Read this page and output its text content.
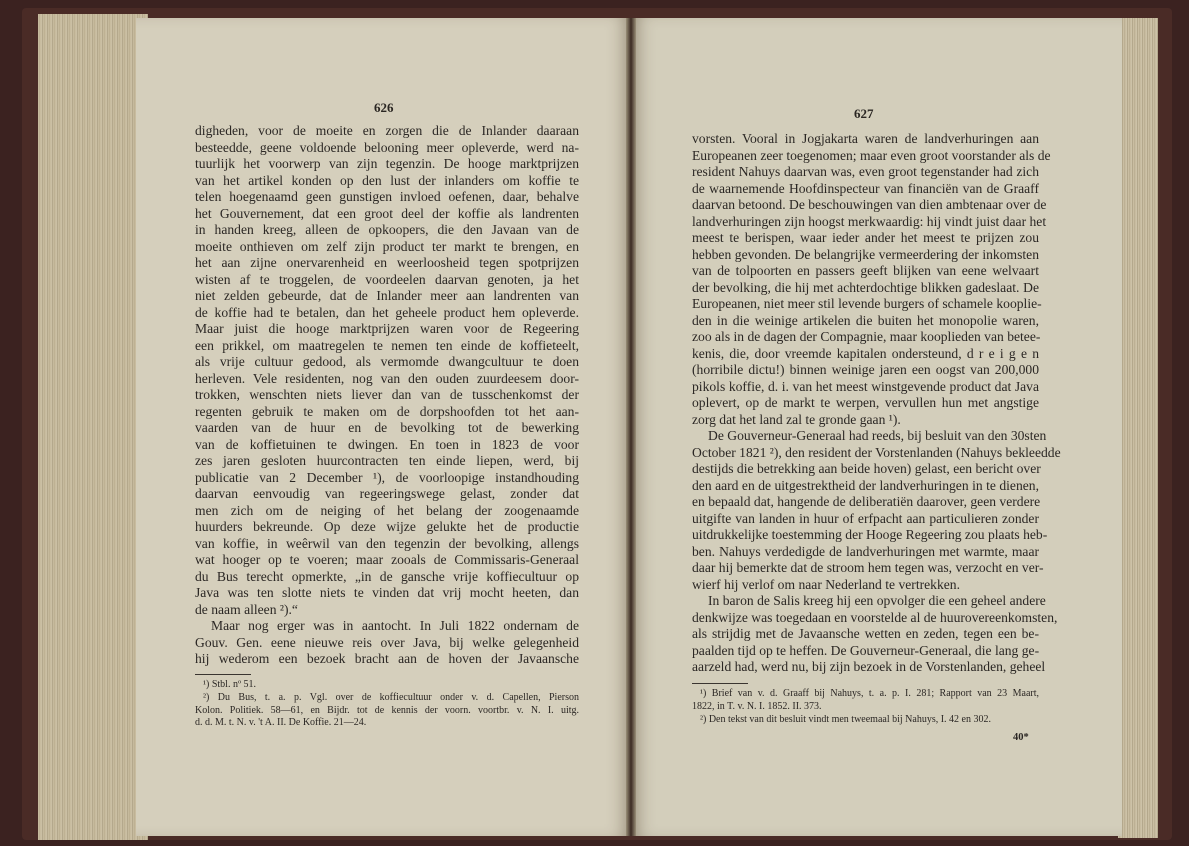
626	627
digheden, voor de moeite en zorgen die de Inlander daaraan
besteedde, geene voldoende belooning meer opleverde, werd na-
tuurlijk het voorwerp van zijn tegenzin. De hooge marktprijzen
van het artikel konden op den lust der inlanders om koffie te
telen hoegenaamd geen gunstigen invloed oefenen, daar, behalve
het Gouvernement, dat een groot deel der koffie als landrenten
in handen kreeg, alleen de opkoopers, die den Javaan van de
moeite onthieven om zelf zijn product ter markt te brengen, en
het aan zijne onervarenheid en weerloosheid tegen spotprijzen
wisten af te troggelen, de voordeelen daarvan genoten, ja het
niet zelden gebeurde, dat de Inlander meer aan landrenten van
de koffie had te betalen, dan het geheele product hem opleverde.
Maar juist die hooge marktprijzen waren voor de Regeering
een prikkel, om maatregelen te nemen ten einde de koffieteelt,
als vrije cultuur gedood, als vermomde dwangcultuur te doen
herleven. Vele residenten, nog van den ouden zuurdeesem door-
trokken, wenschten niets liever dan van de tusschenkomst der
regenten gebruik te maken om de dorpshoofden tot het aan-
vaarden van de huur en de bevolking tot de bewerking
van de koffietuinen te dwingen. En toen in 1823 de voor
zes jaren gesloten huurcontracten ten einde liepen, werd, bij
publicatie van 2 December ¹), de voorloopige instandhouding
daarvan eenvoudig van regeeringswege gelast, zonder dat
men zich om de neiging of het belang der zoogenaamde
huurders bekreunde. Op deze wijze gelukte het de productie
van koffie, in weêrwil van den tegenzin der bevolking, allengs
wat hooger op te voeren; maar zooals de Commissaris-Generaal
du Bus terecht opmerkte, „in de gansche vrije koffiecultuur op
Java was ten slotte niets te vinden dat vrij mocht heeten, dan
de naam alleen ²).“
Maar nog erger was in aantocht. In Juli 1822 ondernam de
Gouv. Gen. eene nieuwe reis over Java, bij welke gelegenheid
hij wederom een bezoek bracht aan de hoven der Javaansche
¹) Stbl. nº 51.
²) Du Bus, t. a. p. Vgl. over de koffiecultuur onder v. d. Capellen, Pierson
Kolon. Politiek. 58—61, en Bijdr. tot de kennis der voorn. voortbr. v. N. I. uitg.
d. d. M. t. N. v. 't A. II. De Koffie. 21—24.
vorsten. Vooral in Jogjakarta waren de landverhuringen aan
Europeanen zeer toegenomen; maar even groot voorstander als de
resident Nahuys daarvan was, even groot tegenstander had zich
de waarnemende Hoofdinspecteur van financiën van de Graaff
daarvan betoond. De beschouwingen van dien ambtenaar over de
landverhuringen zijn hoogst merkwaardig: hij vindt juist daar het
meest te berispen, waar ieder ander het meest te prijzen zou
hebben gevonden. De belangrijke vermeerdering der inkomsten
van de tolpoorten en passers geeft blijken van eene welvaart
der bevolking, die hij met achterdochtige blikken gadeslaat. De
Europeanen, niet meer stil levende burgers of schamele kooplie-
den in die weinige artikelen die buiten het monopolie waren,
zoo als in de dagen der Compagnie, maar kooplieden van betee-
kenis, die, door vreemde kapitalen ondersteund, d r e i g e n
(horribile dictu!) binnen weinige jaren een oogst van 200,000
pikols koffie, d. i. van het meest winstgevende product dat Java
oplevert, op de markt te werpen, vervullen hun met angstige
zorg dat het land zal te gronde gaan ¹).
De Gouverneur-Generaal had reeds, bij besluit van den 30sten
October 1821 ²), den resident der Vorstenlanden (Nahuys bekleedde
destijds die betrekking aan beide hoven) gelast, een bericht over
den aard en de uitgestrektheid der landverhuringen in te dienen,
en bepaald dat, hangende de deliberatiën daarover, geen verdere
uitgifte van landen in huur of erfpacht aan particulieren zonder
uitdrukkelijke toestemming der Hooge Regeering zou plaats heb-
ben. Nahuys verdedigde de landverhuringen met warmte, maar
daar hij bemerkte dat de stroom hem tegen was, verzocht en ver-
wierf hij verlof om naar Nederland te vertrekken.
In baron de Salis kreeg hij een opvolger die een geheel andere
denkwijze was toegedaan en voorstelde al de huurovereenkomsten,
als strijdig met de Javaansche wetten en zeden, tegen een be-
paalden tijd op te heffen. De Gouverneur-Generaal, die lang ge-
aarzeld had, werd nu, bij zijn bezoek in de Vorstenlanden, geheel
¹) Brief van v. d. Graaff bij Nahuys, t. a. p. I. 281; Rapport van 23 Maart,
1822, in T. v. N. I. 1852. II. 373.
²) Den tekst van dit besluit vindt men tweemaal bij Nahuys, I. 42 en 302.
40*
